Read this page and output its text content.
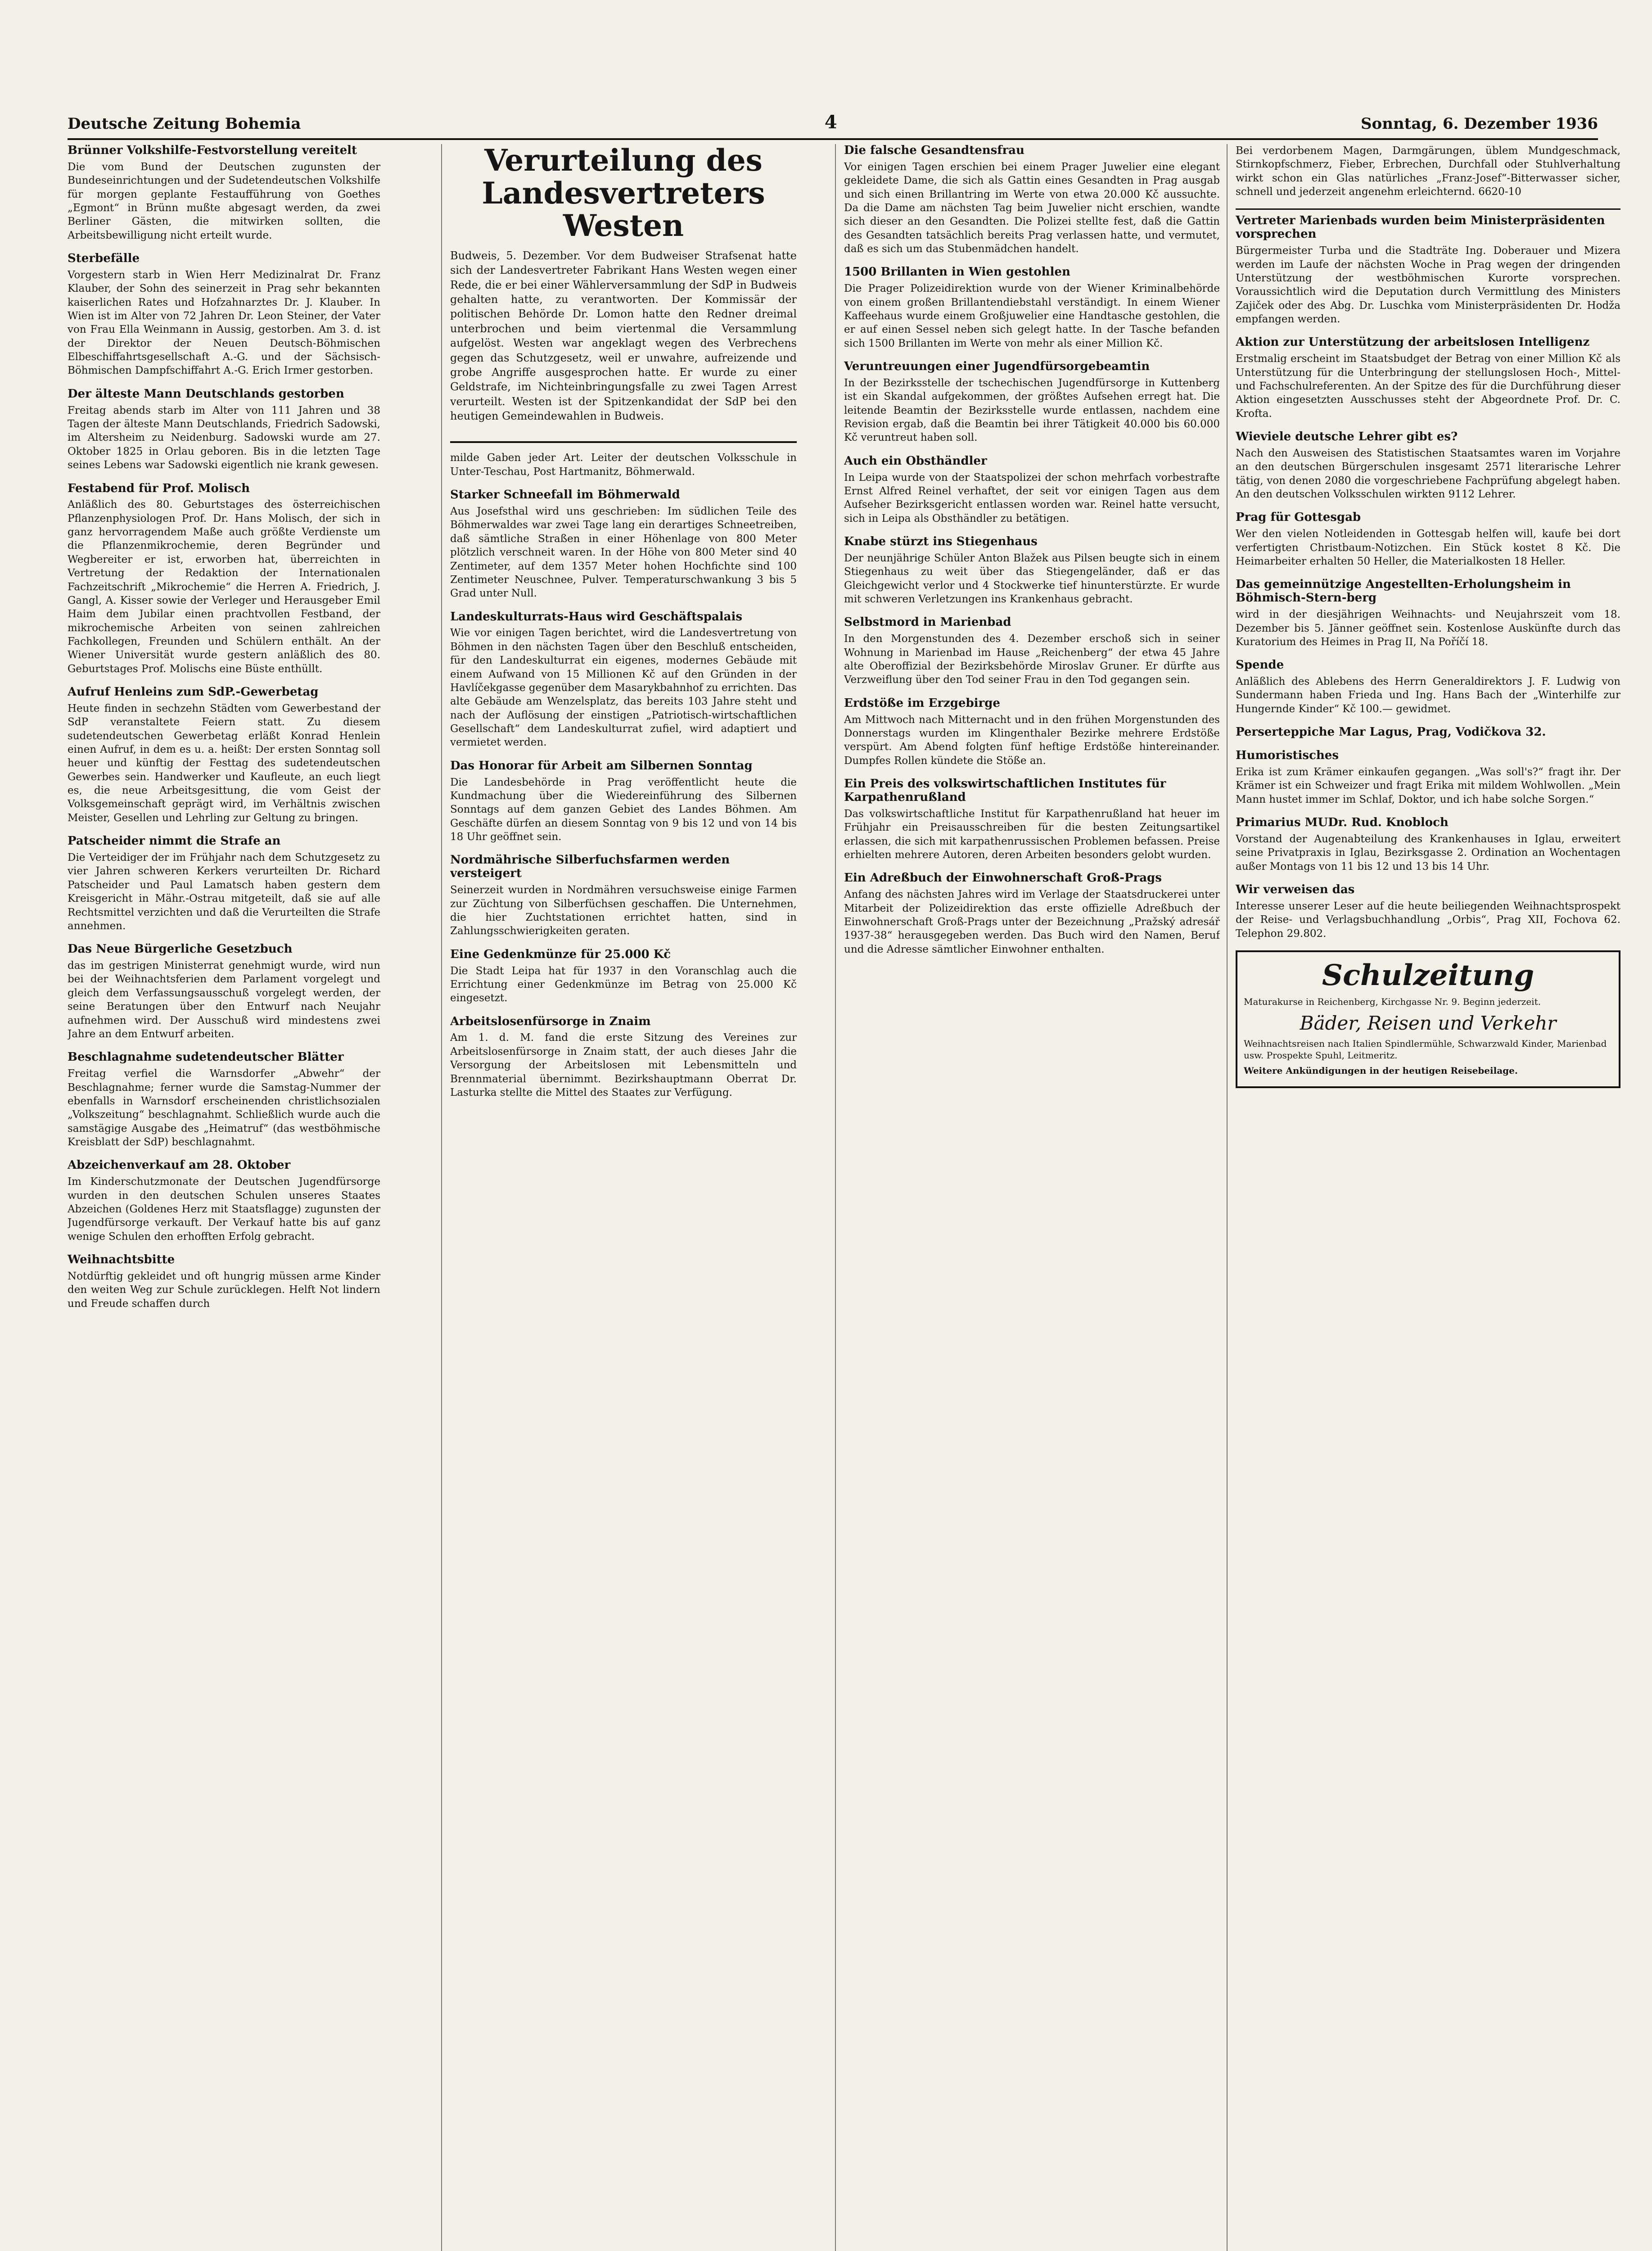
Deutsche Zeitung Bohemia	4	Sonntag, 6. Dezember 1936
Brünner Volkshilfe-Festvorstellung vereitelt

Die vom Bund der Deutschen zugunsten der Bundeseinrichtungen und der Sudetendeutschen Volkshilfe für morgen geplante Festaufführung von Goethes „Egmont“ in Brünn mußte abgesagt werden, da zwei Berliner Gästen, die mitwirken sollten, die Arbeitsbewilligung nicht erteilt wurde.

Sterbefälle

Vorgestern starb in Wien Herr Medizinalrat Dr. Franz Klauber, der Sohn des seinerzeit in Prag sehr bekannten kaiserlichen Rates und Hofzahnarztes Dr. J. Klauber. In Wien ist im Alter von 72 Jahren Dr. Leon Steiner, der Vater von Frau Ella Weinmann in Aussig, gestorben. Am 3. d. ist der Direktor der Neuen Deutsch-Böhmischen Elbeschiffahrtsgesellschaft A.-G. und der Sächsisch-Böhmischen Dampfschiffahrt A.-G. Erich Irmer gestorben.

Der älteste Mann Deutschlands gestorben

Freitag abends starb im Alter von 111 Jahren und 38 Tagen der älteste Mann Deutschlands, Friedrich Sadowski, im Altersheim zu Neidenburg. Sadowski wurde am 27. Oktober 1825 in Orlau geboren. Bis in die letzten Tage seines Lebens war Sadowski eigentlich nie krank gewesen.

Festabend für Prof. Molisch

Anläßlich des 80. Geburtstages des österreichischen Pflanzenphysiologen Prof. Dr. Hans Molisch, der sich in ganz hervorragendem Maße auch größte Verdienste um die Pflanzenmikrochemie, deren Begründer und Wegbereiter er ist, erworben hat, überreichten in Vertretung der Redaktion der Internationalen Fachzeitschrift „Mikrochemie“ die Herren A. Friedrich, J. Gangl, A. Kisser sowie der Verleger und Herausgeber Emil Haim dem Jubilar einen prachtvollen Festband, der mikrochemische Arbeiten von seinen zahlreichen Fachkollegen, Freunden und Schülern enthält. An der Wiener Universität wurde gestern anläßlich des 80. Geburtstages Prof. Molischs eine Büste enthüllt.

Aufruf Henleins zum SdP.-Gewerbetag

Heute finden in sechzehn Städten vom Gewerbestand der SdP veranstaltete Feiern statt. Zu diesem sudetendeutschen Gewerbetag erläßt Konrad Henlein einen Aufruf, in dem es u. a. heißt: Der ersten Sonntag soll heuer und künftig der Festtag des sudetendeutschen Gewerbes sein. Handwerker und Kaufleute, an euch liegt es, die neue Arbeitsgesittung, die vom Geist der Volksgemeinschaft geprägt wird, im Verhältnis zwischen Meister, Gesellen und Lehrling zur Geltung zu bringen.

Patscheider nimmt die Strafe an

Die Verteidiger der im Frühjahr nach dem Schutzgesetz zu vier Jahren schweren Kerkers verurteilten Dr. Richard Patscheider und Paul Lamatsch haben gestern dem Kreisgericht in Mähr.-Ostrau mitgeteilt, daß sie auf alle Rechtsmittel verzichten und daß die Verurteilten die Strafe annehmen.

Das Neue Bürgerliche Gesetzbuch

das im gestrigen Ministerrat genehmigt wurde, wird nun bei der Weihnachtsferien dem Parlament vorgelegt und gleich dem Verfassungsausschuß vorgelegt werden, der seine Beratungen über den Entwurf nach Neujahr aufnehmen wird. Der Ausschuß wird mindestens zwei Jahre an dem Entwurf arbeiten.

Beschlagnahme sudetendeutscher Blätter

Freitag verfiel die Warnsdorfer „Abwehr“ der Beschlagnahme; ferner wurde die Samstag-Nummer der ebenfalls in Warnsdorf erscheinenden christlichsozialen „Volkszeitung“ beschlagnahmt. Schließlich wurde auch die samstägige Ausgabe des „Heimatruf“ (das westböhmische Kreisblatt der SdP) beschlagnahmt.

Abzeichenverkauf am 28. Oktober

Im Kinderschutzmonate der Deutschen Jugendfürsorge wurden in den deutschen Schulen unseres Staates Abzeichen (Goldenes Herz mit Staatsflagge) zugunsten der Jugendfürsorge verkauft. Der Verkauf hatte bis auf ganz wenige Schulen den erhofften Erfolg gebracht.

Weihnachtsbitte

Notdürftig gekleidet und oft hungrig müssen arme Kinder den weiten Weg zur Schule zurücklegen. Helft Not lindern und Freude schaffen durch

Verurteilung des
Landesvertreters Westen

Budweis, 5. Dezember. Vor dem Budweiser Strafsenat hatte sich der Landesvertreter Fabrikant Hans Westen wegen einer Rede, die er bei einer Wählerversammlung der SdP in Budweis gehalten hatte, zu verantworten. Der Kommissär der politischen Behörde Dr. Lomon hatte den Redner dreimal unterbrochen und beim viertenmal die Versammlung aufgelöst. Westen war angeklagt wegen des Verbrechens gegen das Schutzgesetz, weil er unwahre, aufreizende und grobe Angriffe ausgesprochen hatte. Er wurde zu einer Geldstrafe, im Nichteinbringungsfalle zu zwei Tagen Arrest verurteilt. Westen ist der Spitzenkandidat der SdP bei den heutigen Gemeindewahlen in Budweis.

milde Gaben jeder Art. Leiter der deutschen Volksschule in Unter-Teschau, Post Hartmanitz, Böhmerwald.

Starker Schneefall im Böhmerwald

Aus Josefsthal wird uns geschrieben: Im südlichen Teile des Böhmerwaldes war zwei Tage lang ein derartiges Schneetreiben, daß sämtliche Straßen in einer Höhenlage von 800 Meter plötzlich verschneit waren. In der Höhe von 800 Meter sind 40 Zentimeter, auf dem 1357 Meter hohen Hochfichte sind 100 Zentimeter Neuschnee, Pulver. Temperaturschwankung 3 bis 5 Grad unter Null.

Landeskulturrats-Haus wird Geschäftspalais

Wie vor einigen Tagen berichtet, wird die Landesvertretung von Böhmen in den nächsten Tagen über den Beschluß entscheiden, für den Landeskulturrat ein eigenes, modernes Gebäude mit einem Aufwand von 15 Millionen Kč auf den Gründen in der Havlíčekgasse gegenüber dem Masarykbahnhof zu errichten. Das alte Gebäude am Wenzelsplatz, das bereits 103 Jahre steht und nach der Auflösung der einstigen „Patriotisch-wirtschaftlichen Gesellschaft“ dem Landeskulturrat zufiel, wird adaptiert und vermietet werden.

Das Honorar für Arbeit am Silbernen Sonntag

Die Landesbehörde in Prag veröffentlicht heute die Kundmachung über die Wiedereinführung des Silbernen Sonntags auf dem ganzen Gebiet des Landes Böhmen. Am Geschäfte dürfen an diesem Sonntag von 9 bis 12 und von 14 bis 18 Uhr geöffnet sein.

Nordmährische Silberfuchsfarmen werden versteigert

Seinerzeit wurden in Nordmähren versuchsweise einige Farmen zur Züchtung von Silberfüchsen geschaffen. Die Unternehmen, die hier Zuchtstationen errichtet hatten, sind in Zahlungsschwierigkeiten geraten.

Eine Gedenkmünze für 25.000 Kč

Die Stadt Leipa hat für 1937 in den Voranschlag auch die Errichtung einer Gedenkmünze im Betrag von 25.000 Kč eingesetzt.

Arbeitslosenfürsorge in Znaim

Am 1. d. M. fand die erste Sitzung des Vereines zur Arbeitslosenfürsorge in Znaim statt, der auch dieses Jahr die Versorgung der Arbeitslosen mit Lebensmitteln und Brennmaterial übernimmt. Bezirkshauptmann Oberrat Dr. Lasturka stellte die Mittel des Staates zur Verfügung.

Die falsche Gesandtensfrau

Vor einigen Tagen erschien bei einem Prager Juwelier eine elegant gekleidete Dame, die sich als Gattin eines Gesandten in Prag ausgab und sich einen Brillantring im Werte von etwa 20.000 Kč aussuchte. Da die Dame am nächsten Tag beim Juwelier nicht erschien, wandte sich dieser an den Gesandten. Die Polizei stellte fest, daß die Gattin des Gesandten tatsächlich bereits Prag verlassen hatte, und vermutet, daß es sich um das Stubenmädchen handelt.

1500 Brillanten in Wien gestohlen

Die Prager Polizeidirektion wurde von der Wiener Kriminalbehörde von einem großen Brillantendiebstahl verständigt. In einem Wiener Kaffeehaus wurde einem Großjuwelier eine Handtasche gestohlen, die er auf einen Sessel neben sich gelegt hatte. In der Tasche befanden sich 1500 Brillanten im Werte von mehr als einer Million Kč.

Veruntreuungen einer Jugendfürsorgebeamtin

In der Bezirksstelle der tschechischen Jugendfürsorge in Kuttenberg ist ein Skandal aufgekommen, der größtes Aufsehen erregt hat. Die leitende Beamtin der Bezirksstelle wurde entlassen, nachdem eine Revision ergab, daß die Beamtin bei ihrer Tätigkeit 40.000 bis 60.000 Kč veruntreut haben soll.

Auch ein Obsthändler

In Leipa wurde von der Staatspolizei der schon mehrfach vorbestrafte Ernst Alfred Reinel verhaftet, der seit vor einigen Tagen aus dem Aufseher Bezirksgericht entlassen worden war. Reinel hatte versucht, sich in Leipa als Obsthändler zu betätigen.

Knabe stürzt ins Stiegenhaus

Der neunjährige Schüler Anton Blažek aus Pilsen beugte sich in einem Stiegenhaus zu weit über das Stiegengeländer, daß er das Gleichgewicht verlor und 4 Stockwerke tief hinunterstürzte. Er wurde mit schweren Verletzungen ins Krankenhaus gebracht.

Selbstmord in Marienbad

In den Morgenstunden des 4. Dezember erschoß sich in seiner Wohnung in Marienbad im Hause „Reichenberg“ der etwa 45 Jahre alte Oberoffizial der Bezirksbehörde Miroslav Gruner. Er dürfte aus Verzweiflung über den Tod seiner Frau in den Tod gegangen sein.

Erdstöße im Erzgebirge

Am Mittwoch nach Mitternacht und in den frühen Morgenstunden des Donnerstags wurden im Klingenthaler Bezirke mehrere Erdstöße verspürt. Am Abend folgten fünf heftige Erdstöße hintereinander. Dumpfes Rollen kündete die Stöße an.

Ein Preis des volkswirtschaftlichen Institutes für Karpathenrußland

Das volkswirtschaftliche Institut für Karpathenrußland hat heuer im Frühjahr ein Preisausschreiben für die besten Zeitungsartikel erlassen, die sich mit karpathenrussischen Problemen befassen. Preise erhielten mehrere Autoren, deren Arbeiten besonders gelobt wurden.

Ein Adreßbuch der Einwohnerschaft Groß-Prags

Anfang des nächsten Jahres wird im Verlage der Staatsdruckerei unter Mitarbeit der Polizeidirektion das erste offizielle Adreßbuch der Einwohnerschaft Groß-Prags unter der Bezeichnung „Pražský adresář 1937-38“ herausgegeben werden. Das Buch wird den Namen, Beruf und die Adresse sämtlicher Einwohner enthalten.

Bei verdorbenem Magen, Darmgärungen, üblem Mundgeschmack, Stirnkopfschmerz, Fieber, Erbrechen, Durchfall oder Stuhlverhaltung wirkt schon ein Glas natürliches „Franz-Josef“-Bitterwasser sicher, schnell und jederzeit angenehm erleichternd. 6620-10

Vertreter Marienbads wurden beim Ministerpräsidenten vorsprechen

Bürgermeister Turba und die Stadträte Ing. Doberauer und Mizera werden im Laufe der nächsten Woche in Prag wegen der dringenden Unterstützung der westböhmischen Kurorte vorsprechen. Voraussichtlich wird die Deputation durch Vermittlung des Ministers Zajiček oder des Abg. Dr. Luschka vom Ministerpräsidenten Dr. Hodža empfangen werden.

Aktion zur Unterstützung der arbeitslosen Intelligenz

Erstmalig erscheint im Staatsbudget der Betrag von einer Million Kč als Unterstützung für die Unterbringung der stellungslosen Hoch-, Mittel- und Fachschulreferenten. An der Spitze des für die Durchführung dieser Aktion eingesetzten Ausschusses steht der Abgeordnete Prof. Dr. C. Krofta.

Wieviele deutsche Lehrer gibt es?

Nach den Ausweisen des Statistischen Staatsamtes waren im Vorjahre an den deutschen Bürgerschulen insgesamt 2571 literarische Lehrer tätig, von denen 2080 die vorgeschriebene Fachprüfung abgelegt haben. An den deutschen Volksschulen wirkten 9112 Lehrer.

Prag für Gottesgab

Wer den vielen Notleidenden in Gottesgab helfen will, kaufe bei dort verfertigten Christbaum-Notizchen. Ein Stück kostet 8 Kč. Die Heimarbeiter erhalten 50 Heller, die Materialkosten 18 Heller.

Das gemeinnützige Angestellten-Erholungsheim in Böhmisch-Stern-berg

wird in der diesjährigen Weihnachts- und Neujahrszeit vom 18. Dezember bis 5. Jänner geöffnet sein. Kostenlose Auskünfte durch das Kuratorium des Heimes in Prag II, Na Poříčí 18.

Spende

Anläßlich des Ablebens des Herrn Generaldirektors J. F. Ludwig von Sundermann haben Frieda und Ing. Hans Bach der „Winterhilfe zur Hungernde Kinder“ Kč 100.— gewidmet.

Perserteppiche Mar Lagus, Prag, Vodičkova 32.

Humoristisches

Erika ist zum Krämer einkaufen gegangen. „Was soll's?“ fragt ihr. Der Krämer ist ein Schweizer und fragt Erika mit mildem Wohlwollen. „Mein Mann hustet immer im Schlaf, Doktor, und ich habe solche Sorgen.“

Primarius MUDr. Rud. Knobloch

Vorstand der Augenabteilung des Krankenhauses in Iglau, erweitert seine Privatpraxis in Iglau, Bezirksgasse 2. Ordination an Wochentagen außer Montags von 11 bis 12 und 13 bis 14 Uhr.

Wir verweisen das

Interesse unserer Leser auf die heute beiliegenden Weihnachtsprospekt der Reise- und Verlagsbuchhandlung „Orbis“, Prag XII, Fochova 62. Telephon 29.802.

Schulzeitung
Maturakurse in Reichenberg, Kirchgasse Nr. 9. Beginn jederzeit.
Bäder, Reisen und Verkehr
Weihnachtsreisen nach Italien Spindlermühle, Schwarzwald Kinder, Marienbad usw. Prospekte Spuhl, Leitmeritz.
Weitere Ankündigungen in der heutigen Reisebeilage.
